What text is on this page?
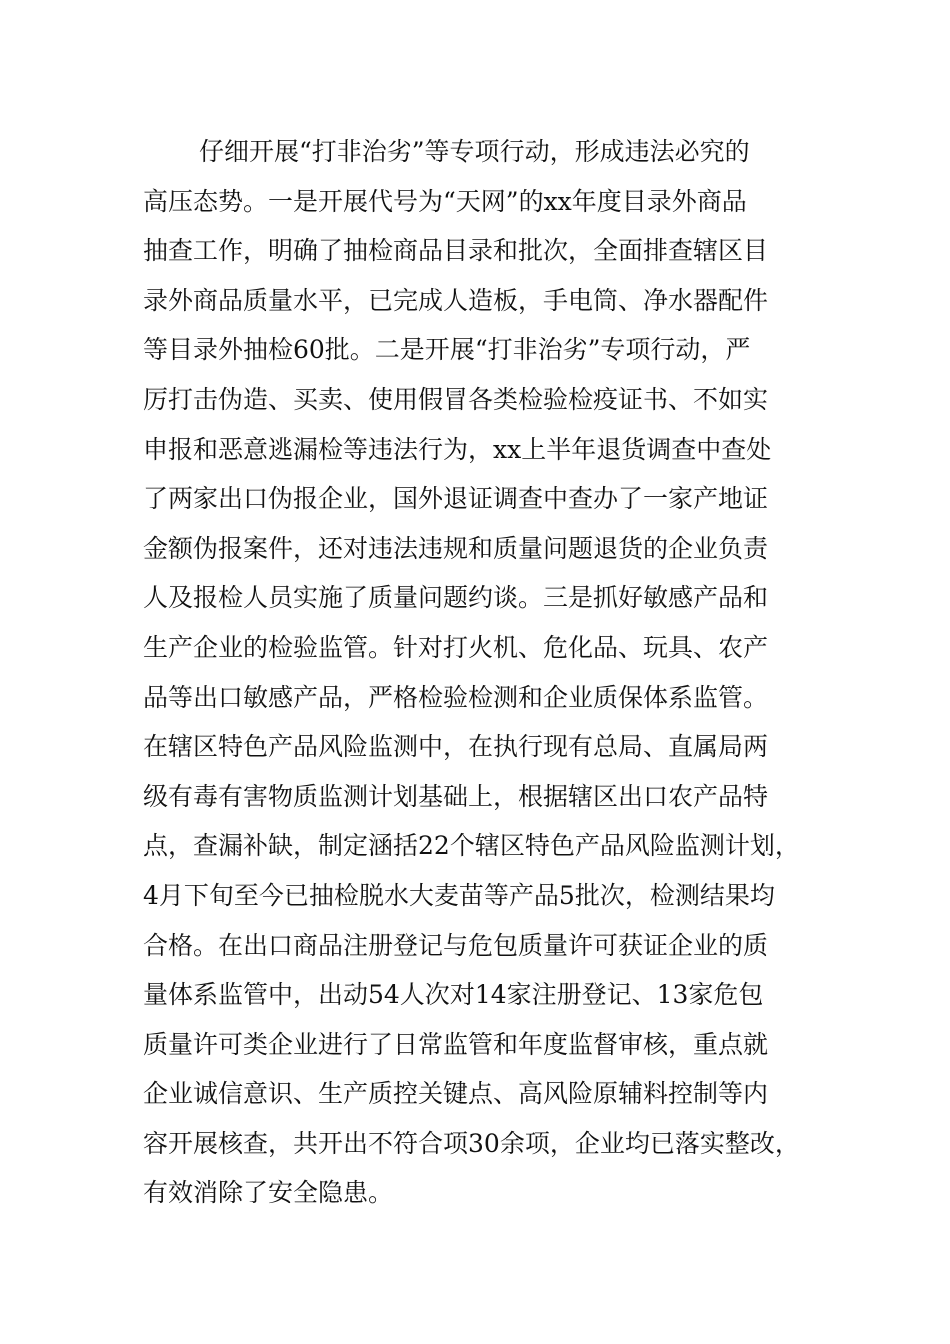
仔细开展“打非治劣”等专项行动，形成违法必究的
高压态势。一是开展代号为“天网”的xx年度目录外商品
抽查工作，明确了抽检商品目录和批次，全面排查辖区目
录外商品质量水平，已完成人造板，手电筒、净水器配件
等目录外抽检60批。二是开展“打非治劣”专项行动，严
厉打击伪造、买卖、使用假冒各类检验检疫证书、不如实
申报和恶意逃漏检等违法行为，xx上半年退货调查中查处
了两家出口伪报企业，国外退证调查中查办了一家产地证
金额伪报案件，还对违法违规和质量问题退货的企业负责
人及报检人员实施了质量问题约谈。三是抓好敏感产品和
生产企业的检验监管。针对打火机、危化品、玩具、农产
品等出口敏感产品，严格检验检测和企业质保体系监管。
在辖区特色产品风险监测中，在执行现有总局、直属局两
级有毒有害物质监测计划基础上，根据辖区出口农产品特
点，查漏补缺，制定涵括22个辖区特色产品风险监测计划，
4月下旬至今已抽检脱水大麦苗等产品5批次，检测结果均
合格。在出口商品注册登记与危包质量许可获证企业的质
量体系监管中，出动54人次对14家注册登记、13家危包
质量许可类企业进行了日常监管和年度监督审核，重点就
企业诚信意识、生产质控关键点、高风险原辅料控制等内
容开展核查，共开出不符合项30余项，企业均已落实整改，
有效消除了安全隐患。
